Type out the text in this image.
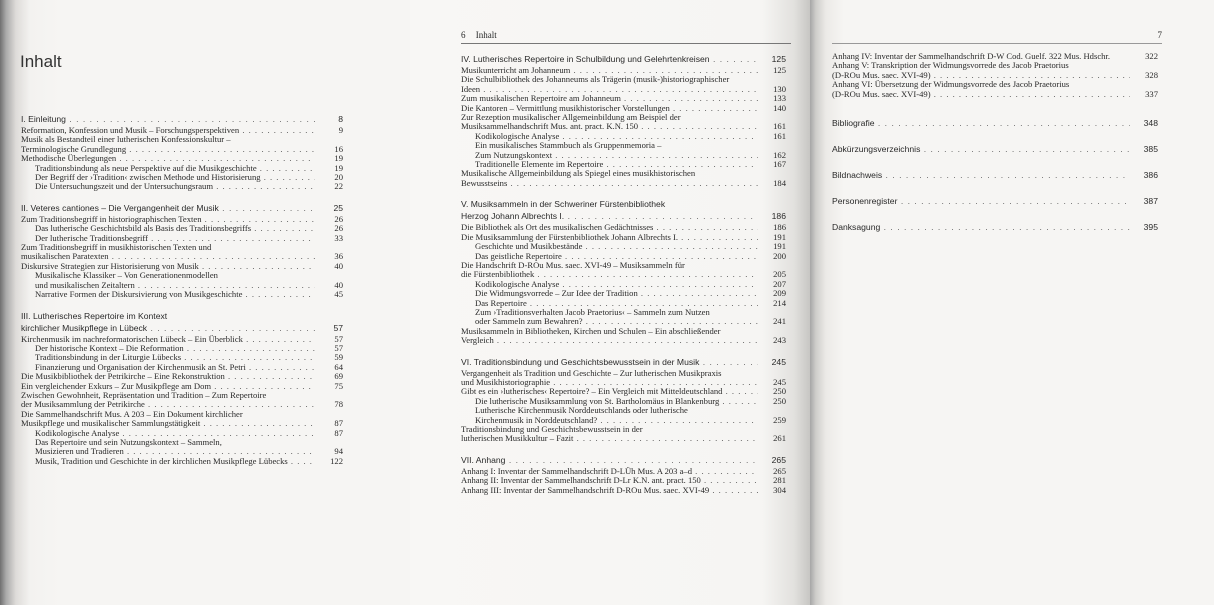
Inhalt
I. Einleitung . . .	8
Reformation, Konfession und Musik – Forschungsperspektiven . . .	9
Musik als Bestandteil einer lutherischen Konfessionskultur –
Terminologische Grundlegung . . .	16
Methodische Überlegungen . . .	19
Traditionsbindung als neue Perspektive auf die Musikgeschichte . . .	19
Der Begriff der ›Tradition‹ zwischen Methode und Historisierung . . .	20
Die Untersuchungszeit und der Untersuchungsraum . . .	22
II. Veteres cantiones – Die Vergangenheit der Musik . . .	25
Zum Traditionsbegriff in historiographischen Texten . . .	26
Das lutherische Geschichtsbild als Basis des Traditionsbegriffs . . .	26
Der lutherische Traditionsbegriff . . .	33
Zum Traditionsbegriff in musikhistorischen Texten und
musikalischen Paratexten . . .	36
Diskursive Strategien zur Historisierung von Musik . . .	40
Musikalische Klassiker – Von Generationenmodellen
und musikalischen Zeitaltern . . .	40
Narrative Formen der Diskursivierung von Musikgeschichte . . .	45
III. Lutherisches Repertoire im Kontext
kirchlicher Musikpflege in Lübeck . . .	57
Kirchenmusik im nachreformatorischen Lübeck – Ein Überblick . . .	57
Der historische Kontext – Die Reformation . . .	57
Traditionsbindung in der Liturgie Lübecks . . .	59
Finanzierung und Organisation der Kirchenmusik an St. Petri . . .	64
Die Musikbibliothek der Petrikirche – Eine Rekonstruktion . . .	69
Ein vergleichender Exkurs – Zur Musikpflege am Dom . . .	75
Zwischen Gewohnheit, Repräsentation und Tradition – Zum Repertoire
der Musiksammlung der Petrikirche . . .	78
Die Sammelhandschrift Mus. A 203 – Ein Dokument kirchlicher
Musikpflege und musikalischer Sammlungstätigkeit . . .	87
Kodikologische Analyse . . .	87
Das Repertoire und sein Nutzungskontext – Sammeln,
Musizieren und Tradieren . . .	94
Musik, Tradition und Geschichte in der kirchlichen Musikpflege Lübecks . . .	122
6 Inhalt
IV. Lutherisches Repertoire in Schulbildung und Gelehrtenkreisen . . .	125
Musikunterricht am Johanneum . . .	125
Die Schulbibliothek des Johanneums als Trägerin (musik-)historiographischer
Ideen . . .	130
Zum musikalischen Repertoire am Johanneum . . .	133
Die Kantoren – Vermittlung musikhistorischer Vorstellungen . . .	140
Zur Rezeption musikalischer Allgemeinbildung am Beispiel der
Musiksammelhandschrift Mus. ant. pract. K.N. 150 . . .	161
Kodikologische Analyse . . .	161
Ein musikalisches Stammbuch als Gruppenmemoria –
Zum Nutzungskontext . . .	162
Traditionelle Elemente im Repertoire . . .	167
Musikalische Allgemeinbildung als Spiegel eines musikhistorischen
Bewusstseins . . .	184
V. Musiksammeln in der Schweriner Fürstenbibliothek
Herzog Johann Albrechts I. . . .	186
Die Bibliothek als Ort des musikalischen Gedächtnisses . . .	186
Die Musiksammlung der Fürstenbibliothek Johann Albrechts I. . . .	191
Geschichte und Musikbestände . . .	191
Das geistliche Repertoire . . .	200
Die Handschrift D-ROu Mus. saec. XVI-49 – Musiksammeln für
die Fürstenbibliothek . . .	205
Kodikologische Analyse . . .	207
Die Widmungsvorrede – Zur Idee der Tradition . . .	209
Das Repertoire . . .	214
Zum ›Traditionsverhalten Jacob Praetorius‹ – Sammeln zum Nutzen
oder Sammeln zum Bewahren? . . .	241
Musiksammeln in Bibliotheken, Kirchen und Schulen – Ein abschließender
Vergleich . . .	243
VI. Traditionsbindung und Geschichtsbewusstsein in der Musik . . .	245
Vergangenheit als Tradition und Geschichte – Zur lutherischen Musikpraxis
und Musikhistoriographie . . .	245
Gibt es ein ›lutherisches‹ Repertoire? – Ein Vergleich mit Mitteldeutschland . . .	250
Die lutherische Musiksammlung von St. Bartholomäus in Blankenburg . . .	250
Lutherische Kirchenmusik Norddeutschlands oder lutherische
Kirchenmusik in Norddeutschland? . . .	259
Traditionsbindung und Geschichtsbewusstsein in der
lutherischen Musikkultur – Fazit . . .	261
VII. Anhang . . .	265
Anhang I: Inventar der Sammelhandschrift D-LÜh Mus. A 203 a–d . . .	265
Anhang II: Inventar der Sammelhandschrift D-Lr K.N. ant. pract. 150 . . .	281
Anhang III: Inventar der Sammelhandschrift D-ROu Mus. saec. XVI-49 . . .	304
7
Anhang IV: Inventar der Sammelhandschrift D-W Cod. Guelf. 322 Mus. Hdschr.	322
Anhang V: Transkription der Widmungsvorrede des Jacob Praetorius
(D-ROu Mus. saec. XVI-49) . . .	328
Anhang VI: Übersetzung der Widmungsvorrede des Jacob Praetorius
(D-ROu Mus. saec. XVI-49) . . .	337
Bibliografie . . .	348
Abkürzungsverzeichnis . . .	385
Bildnachweis . . .	386
Personenregister . . .	387
Danksagung . . .	395
